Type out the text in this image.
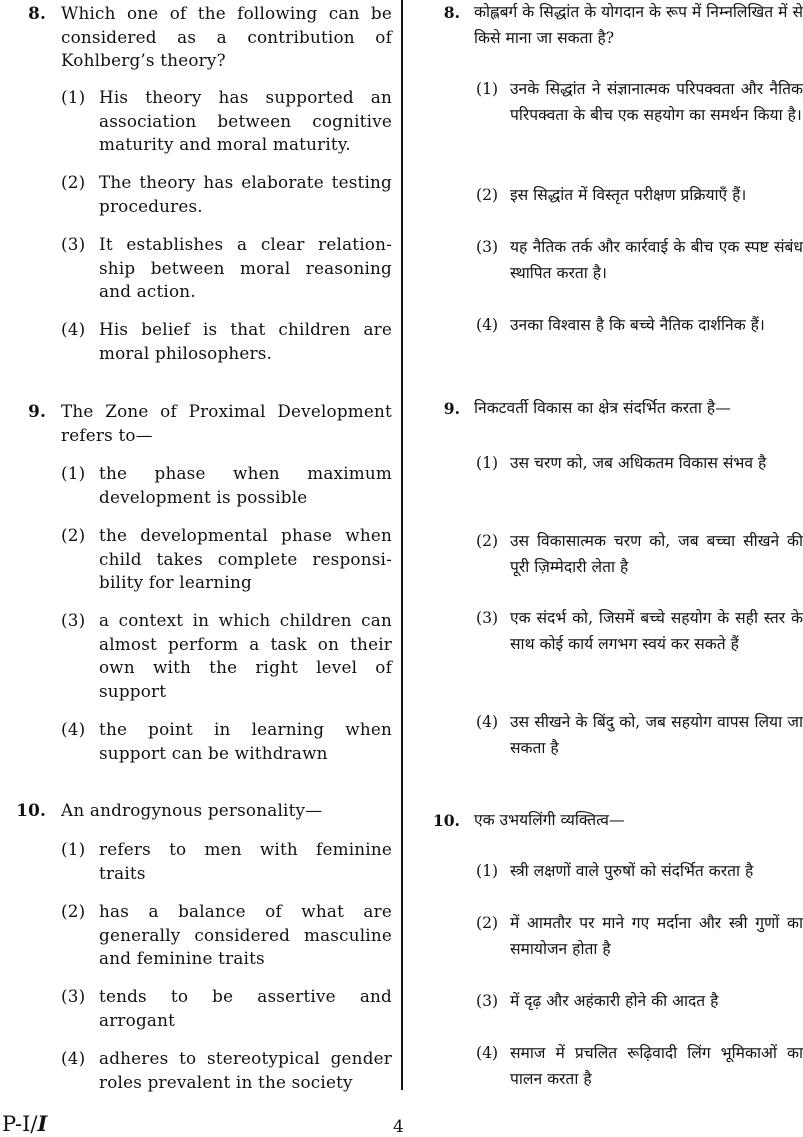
8. Which one of the following can be considered as a contribution of Kohlberg’s theory?
(1) His theory has supported an association between cognitive maturity and moral maturity.
(2) The theory has elaborate testing procedures.
(3) It establishes a clear relation-ship between moral reasoning and action.
(4) His belief is that children are moral philosophers.
9. The Zone of Proximal Development refers to—
(1) the phase when maximum development is possible
(2) the developmental phase when child takes complete responsi-bility for learning
(3) a context in which children can almost perform a task on their own with the right level of support
(4) the point in learning when support can be withdrawn
10. An androgynous personality—
(1) refers to men with feminine traits
(2) has a balance of what are generally considered masculine and feminine traits
(3) tends to be assertive and arrogant
(4) adheres to stereotypical gender roles prevalent in the society
8. कोह्लबर्ग के सिद्धांत के योगदान के रूप में निम्नलिखित में से किसे माना जा सकता है?
(1) उनके सिद्धांत ने संज्ञानात्मक परिपक्वता और नैतिक परिपक्वता के बीच एक सहयोग का समर्थन किया है।
(2) इस सिद्धांत में विस्तृत परीक्षण प्रक्रियाएँ हैं।
(3) यह नैतिक तर्क और कार्रवाई के बीच एक स्पष्ट संबंध स्थापित करता है।
(4) उनका विश्वास है कि बच्चे नैतिक दार्शनिक हैं।
9. निकटवर्ती विकास का क्षेत्र संदर्भित करता है—
(1) उस चरण को, जब अधिकतम विकास संभव है
(2) उस विकासात्मक चरण को, जब बच्चा सीखने की पूरी ज़िम्मेदारी लेता है
(3) एक संदर्भ को, जिसमें बच्चे सहयोग के सही स्तर के साथ कोई कार्य लगभग स्वयं कर सकते हैं
(4) उस सीखने के बिंदु को, जब सहयोग वापस लिया जा सकता है
10. एक उभयलिंगी व्यक्तित्व—
(1) स्त्री लक्षणों वाले पुरुषों को संदर्भित करता है
(2) में आमतौर पर माने गए मर्दाना और स्त्री गुणों का समायोजन होता है
(3) में दृढ़ और अहंकारी होने की आदत है
(4) समाज में प्रचलित रूढ़िवादी लिंग भूमिकाओं का पालन करता है
P-I/I	4
